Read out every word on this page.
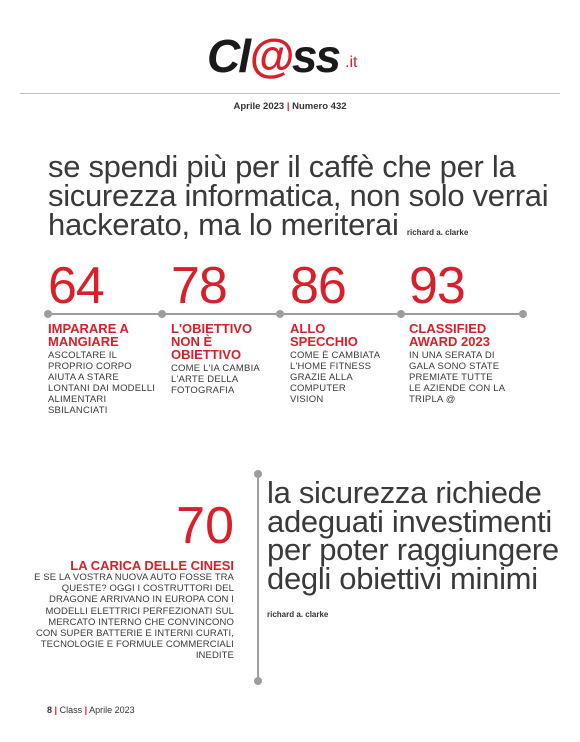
Cl@ss .it
Aprile 2023 | Numero 432
se spendi più per il caffè che per la sicurezza informatica, non solo verrai hackerato, ma lo meriterai richard a. clarke
64
IMPARARE A MANGIARE
ASCOLTARE IL PROPRIO CORPO AIUTA A STARE LONTANI DAI MODELLI ALIMENTARI SBILANCIATI
78
L'OBIETTIVO NON È OBIETTIVO
COME L'IA CAMBIA L'ARTE DELLA FOTOGRAFIA
86
ALLO SPECCHIO
COME È CAMBIATA L'HOME FITNESS GRAZIE ALLA COMPUTER VISION
93
CLASSIFIED AWARD 2023
IN UNA SERATA DI GALA SONO STATE PREMIATE TUTTE LE AZIENDE CON LA TRIPLA @
70
LA CARICA DELLE CINESI
E SE LA VOSTRA NUOVA AUTO FOSSE TRA QUESTE? OGGI I COSTRUTTORI DEL DRAGONE ARRIVANO IN EUROPA CON I MODELLI ELETTRICI PERFEZIONATI SUL MERCATO INTERNO CHE CONVINCONO CON SUPER BATTERIE E INTERNI CURATI, TECNOLOGIE E FORMULE COMMERCIALI INEDITE
la sicurezza richiede adeguati investimenti per poter raggiungere degli obiettivi minimi richard a. clarke
8 | Class | Aprile 2023
